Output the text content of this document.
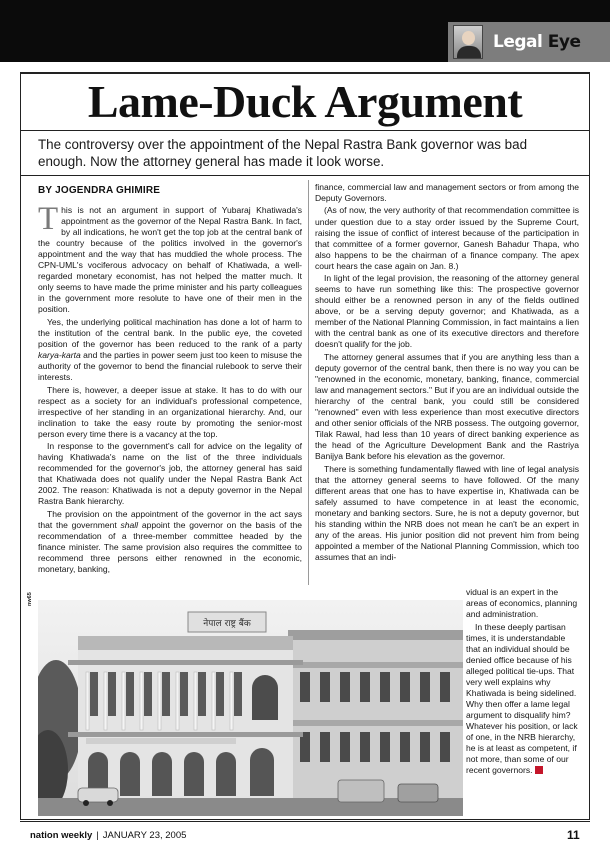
Legal Eye
Lame-Duck Argument

The controversy over the appointment of the Nepal Rastra Bank governor was bad enough. Now the attorney general has made it look worse.

BY JOGENDRA GHIMIRE

This is not an argument in support of Yubaraj Khatiwada's appointment as the governor of the Nepal Rastra Bank. In fact, by all indications, he won't get the top job at the central bank of the country because of the politics involved in the governor's appointment and the way that has muddied the whole process. The CPN-UML's vociferous advocacy on behalf of Khatiwada, a well-regarded monetary economist, has not helped the matter much. It only seems to have made the prime minister and his party colleagues in the government more resolute to have one of their men in the position.

Yes, the underlying political machination has done a lot of harm to the institution of the central bank. In the public eye, the coveted position of the governor has been reduced to the rank of a party karya-karta and the parties in power seem just too keen to misuse the authority of the governor to bend the financial rulebook to serve their interests.

There is, however, a deeper issue at stake. It has to do with our respect as a society for an individual's professional competence, irrespective of her standing in an organizational hierarchy. And, our inclination to take the easy route by promoting the senior-most person every time there is a vacancy at the top.

In response to the government's call for advice on the legality of having Khatiwada's name on the list of the three individuals recommended for the governor's job, the attorney general has said that Khatiwada does not qualify under the Nepal Rastra Bank Act 2002. The reason: Khatiwada is not a deputy governor in the Nepal Rastra Bank hierarchy.

The provision on the appointment of the governor in the act says that the government shall appoint the governor on the basis of the recommendation of a three-member committee headed by the finance minister. The same provision also requires the committee to recommend three persons either renowned in the economic, monetary, banking,

finance, commercial law and management sectors or from among the Deputy Governors.

(As of now, the very authority of that recommendation committee is under question due to a stay order issued by the Supreme Court, raising the issue of conflict of interest because of the participation in that committee of a former governor, Ganesh Bahadur Thapa, who also happens to be the chairman of a finance company. The apex court hears the case again on Jan. 8.)

In light of the legal provision, the reasoning of the attorney general seems to have run something like this: The prospective governor should either be a renowned person in any of the fields outlined above, or be a serving deputy governor; and Khatiwada, as a member of the National Planning Commission, in fact maintains a lien with the central bank as one of its executive directors and therefore doesn't qualify for the job.

The attorney general assumes that if you are anything less than a deputy governor of the central bank, then there is no way you can be "renowned in the economic, monetary, banking, finance, commercial law and management sectors." But if you are an individual outside the hierarchy of the central bank, you could still be considered "renowned" even with less experience than most executive directors and other senior officials of the NRB possess. The outgoing governor, Tilak Rawal, had less than 10 years of direct banking experience as the head of the Agriculture Development Bank and the Rastriya Banijya Bank before his elevation as the governor.

There is something fundamentally flawed with line of legal analysis that the attorney general seems to have followed. Of the many different areas that one has to have expertise in, Khatiwada can be safely assumed to have competence in at least the economic, monetary and banking sectors. Sure, he is not a deputy governor, but his standing within the NRB does not mean he can't be an expert in any of the areas. His junior position did not prevent him from being appointed a member of the National Planning Commission, which too assumes that an indi-

vidual is an expert in the areas of economics, planning and administration.

In these deeply partisan times, it is understandable that an individual should be denied office because of his alleged political tie-ups. That very well explains why Khatiwada is being sidelined. Why then offer a lame legal argument to disqualify him? Whatever his position, or lack of one, in the NRB hierarchy, he is at least as competent, if not more, than some of our recent governors.

nw65
नेपाल राष्ट्र बैंक
nation weekly | JANUARY 23, 2005	11
